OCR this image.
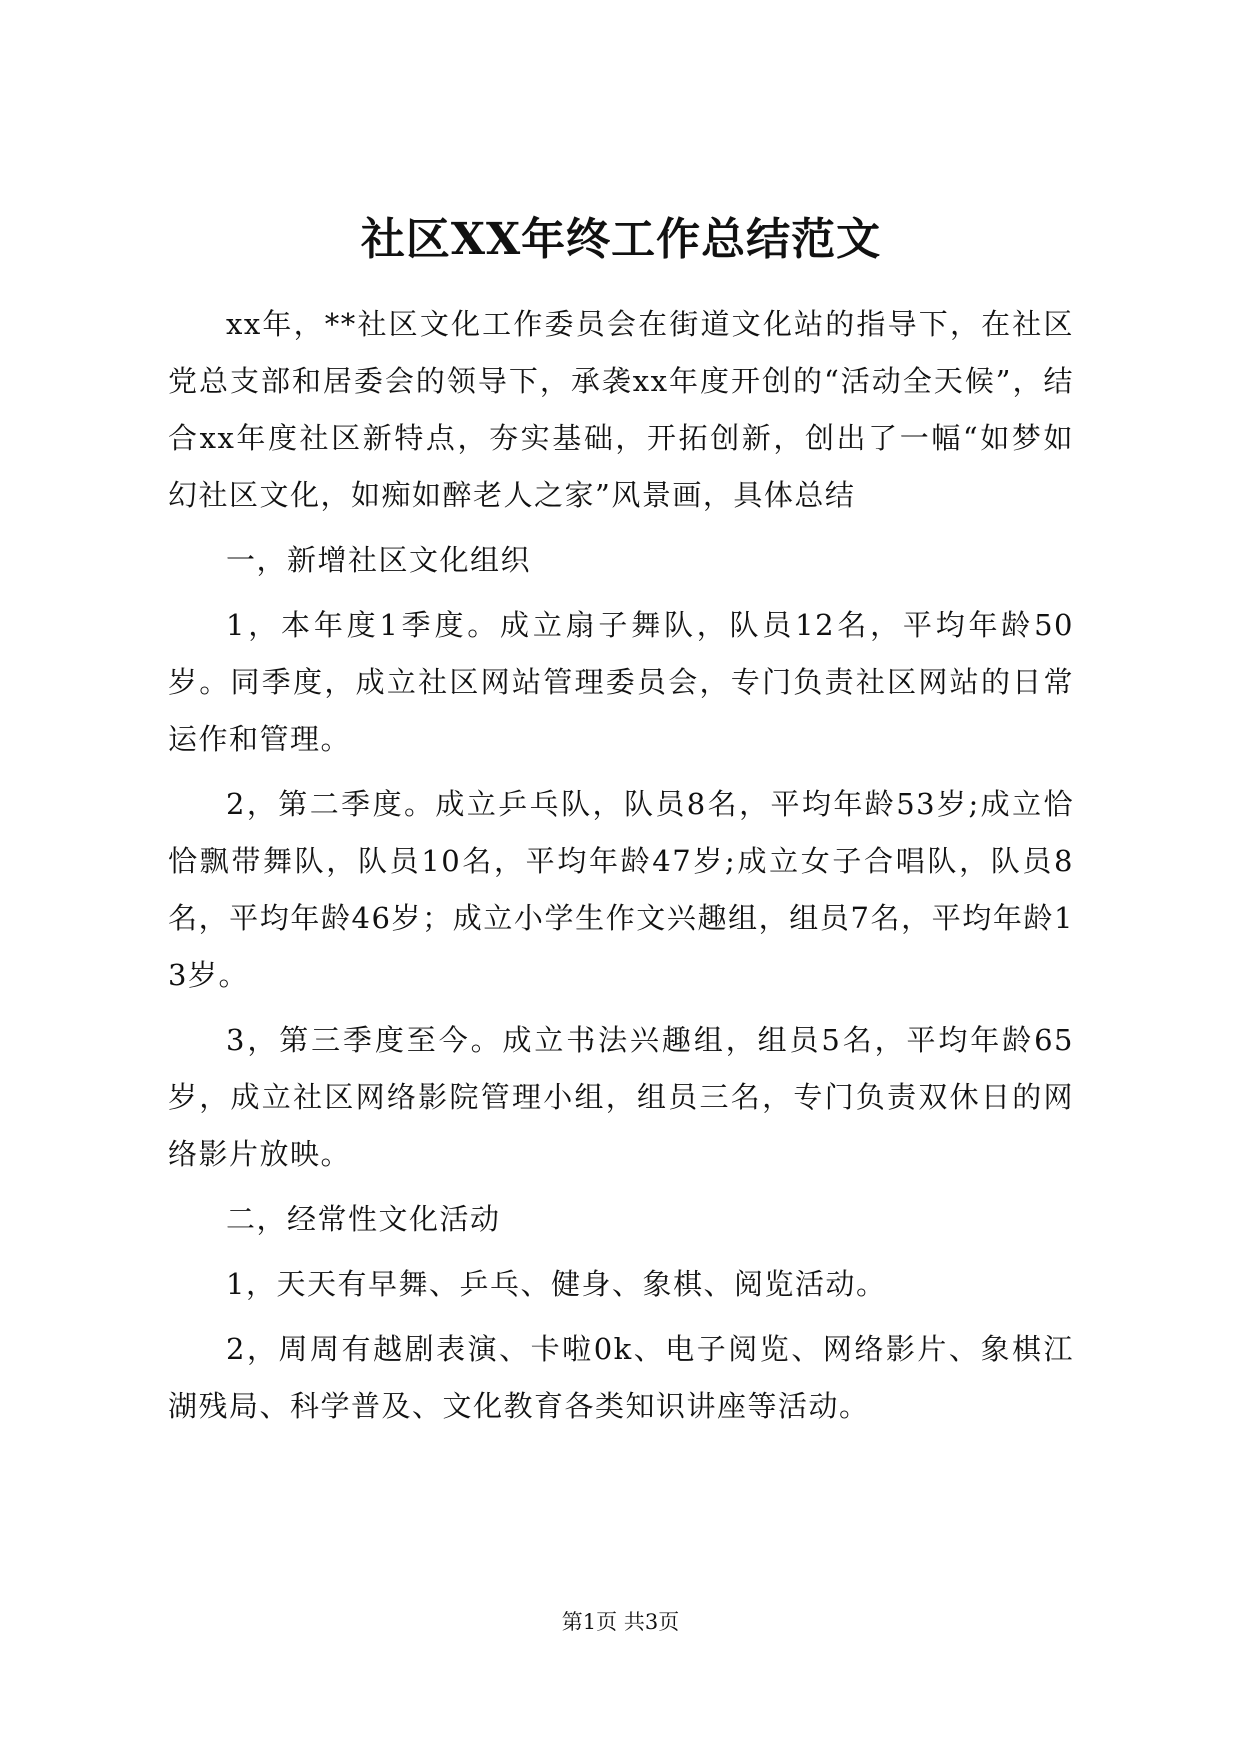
社区XX年终工作总结范文

xx年，**社区文化工作委员会在街道文化站的指导下，在社区党总支部和居委会的领导下，承袭xx年度开创的“活动全天候”，结合xx年度社区新特点，夯实基础，开拓创新，创出了一幅“如梦如幻社区文化，如痴如醉老人之家”风景画，具体总结

一，新增社区文化组织

1，本年度1季度。成立扇子舞队，队员12名，平均年龄50岁。同季度，成立社区网站管理委员会，专门负责社区网站的日常运作和管理。

2，第二季度。成立乒乓队，队员8名，平均年龄53岁;成立恰恰飘带舞队，队员10名，平均年龄47岁;成立女子合唱队，队员8名，平均年龄46岁；成立小学生作文兴趣组，组员7名，平均年龄13岁。

3，第三季度至今。成立书法兴趣组，组员5名，平均年龄65岁，成立社区网络影院管理小组，组员三名，专门负责双休日的网络影片放映。

二，经常性文化活动

1，天天有早舞、乒乓、健身、象棋、阅览活动。

2，周周有越剧表演、卡啦0k、电子阅览、网络影片、象棋江湖残局、科学普及、文化教育各类知识讲座等活动。

第1页 共3页
